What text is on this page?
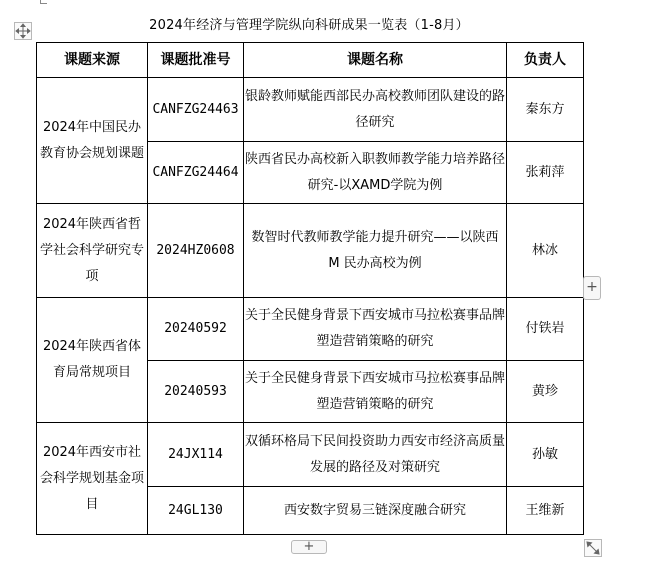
2024年经济与管理学院纵向科研成果一览表（1-8月）
课题来源	课题批准号	课题名称	负责人
2024年中国民办教育协会规划课题	CANFZG24463	银龄教师赋能西部民办高校教师团队建设的路径研究	秦东方
	CANFZG24464	陕西省民办高校新入职教师教学能力培养路径研究-以XAMD学院为例	张莉萍
2024年陕西省哲学社会科学研究专项	2024HZ0608	数智时代教师教学能力提升研究——以陕西 M 民办高校为例	林冰
2024年陕西省体育局常规项目	20240592	关于全民健身背景下西安城市马拉松赛事品牌塑造营销策略的研究	付铁岩
	20240593	关于全民健身背景下西安城市马拉松赛事品牌塑造营销策略的研究	黄珍
2024年西安市社会科学规划基金项目	24JX114	双循环格局下民间投资助力西安市经济高质量发展的路径及对策研究	孙敏
	24GL130	西安数字贸易三链深度融合研究	王维新
+
+
